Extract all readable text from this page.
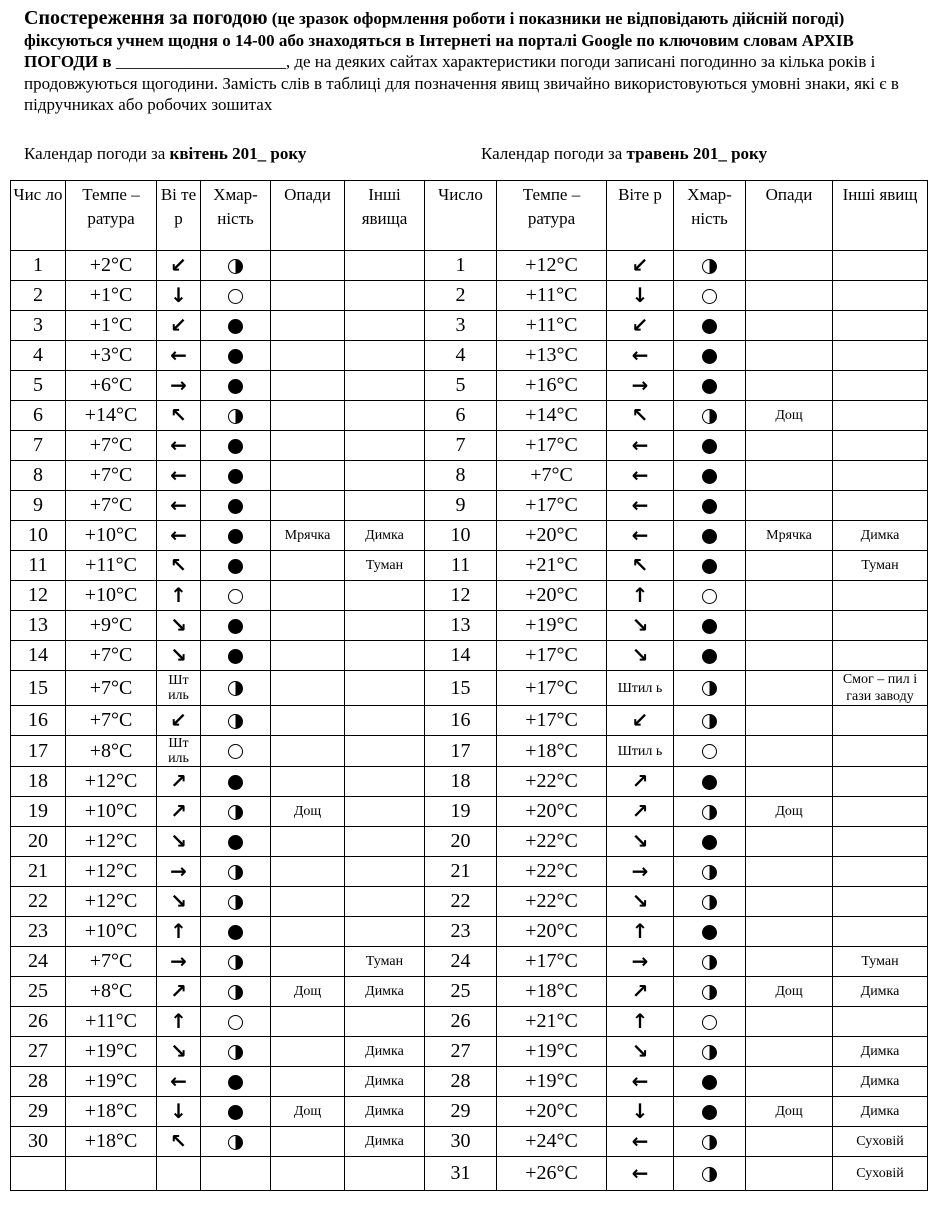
Спостереження за погодою (це зразок оформлення роботи і показники не відповідають дійсній погоді) фіксуються учнем щодня о 14-00 або знаходяться в Інтернеті на порталі Google по ключовим словам АРХІВ ПОГОДИ в ____________________, де на деяких сайтах характеристики погоди записані погодинно за кілька років і продовжуються щогодини. Замість слів в таблиці для позначення явищ звичайно використовуються умовні знаки, які є в підручниках або робочих зошитах
Календар погоди за квітень 201_ року	Календар погоди за травень 201_ року
Чис ло	Темпе – ратура	Ві те р	Хмар- ність	Опади	Інші явища	Число	Темпе – ратура	Віте р	Хмар- ність	Опади	Інші явищ
1	+2°C	↙				1	+12°C	↙			
2	+1°C	↓				2	+11°C	↓			
3	+1°C	↙				3	+11°C	↙			
4	+3°C	←				4	+13°C	←			
5	+6°C	→				5	+16°C	→			
6	+14°C	↖				6	+14°C	↖		Дощ	
7	+7°C	←				7	+17°C	←			
8	+7°C	←				8	+7°C	←			
9	+7°C	←				9	+17°C	←			
10	+10°C	←		Мрячка	Димка	10	+20°C	←		Мрячка	Димка
11	+11°C	↖			Туман	11	+21°C	↖			Туман
12	+10°C	↑				12	+20°C	↑			
13	+9°C	↘				13	+19°C	↘			
14	+7°C	↘				14	+17°C	↘			
15	+7°C	Шт иль				15	+17°C	Штил ь			Смог – пил і гази заводу
16	+7°C	↙				16	+17°C	↙			
17	+8°C	Шт иль				17	+18°C	Штил ь			
18	+12°C	↗				18	+22°C	↗			
19	+10°C	↗		Дощ		19	+20°C	↗		Дощ	
20	+12°C	↘				20	+22°C	↘			
21	+12°C	→				21	+22°C	→			
22	+12°C	↘				22	+22°C	↘			
23	+10°C	↑				23	+20°C	↑			
24	+7°C	→			Туман	24	+17°C	→			Туман
25	+8°C	↗		Дощ	Димка	25	+18°C	↗		Дощ	Димка
26	+11°C	↑				26	+21°C	↑			
27	+19°C	↘			Димка	27	+19°C	↘			Димка
28	+19°C	←			Димка	28	+19°C	←			Димка
29	+18°C	↓		Дощ	Димка	29	+20°C	↓		Дощ	Димка
30	+18°C	↖			Димка	30	+24°C	←			Суховій
						31	+26°C	←			Суховій
